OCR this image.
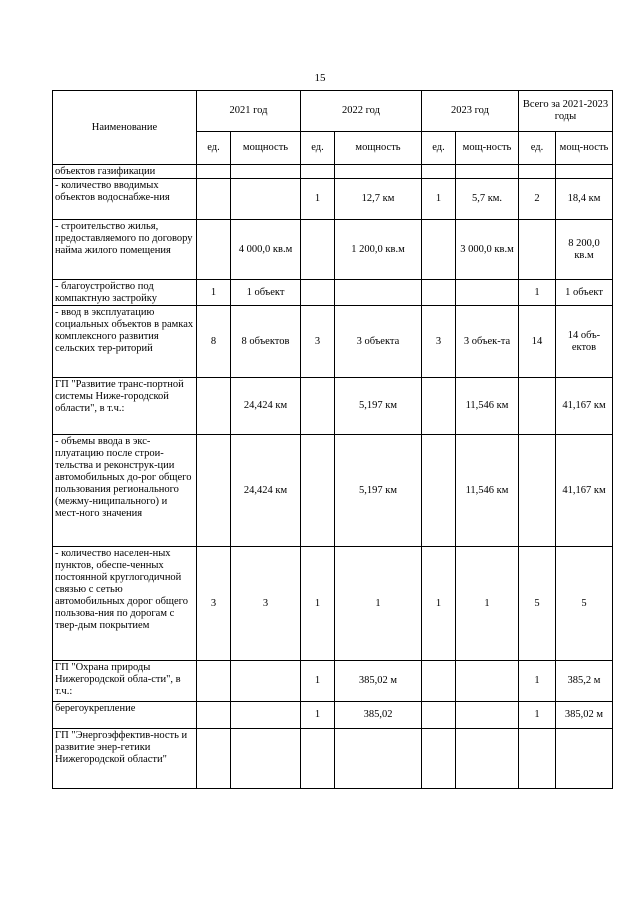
15
Наименование	2021 год		2022 год		2023 год		Всего за 2021-2023 годы	
	ед.	мощность	ед.	мощность	ед.	мощ-ность	ед.	мощ-ность
объектов газификации								
- количество вводимых объектов водоснабже-ния			1	12,7 км	1	5,7 км.	2	18,4 км
- строительство жилья, предоставляемого по договору найма жилого помещения		4 000,0 кв.м		1 200,0 кв.м		3 000,0 кв.м		8 200,0 кв.м
- благоустройство под компактную застройку	1	1 объект					1	1 объект
- ввод в эксплуатацию социальных объектов в рамках комплексного развития сельских тер-риторий	8	8 объектов	3	3 объекта	3	3 объек-та	14	14 объ-ектов
ГП "Развитие транс-портной системы Ниже-городской области", в т.ч.:		24,424 км		5,197 км		11,546 км		41,167 км
- объемы ввода в экс-плуатацию после строи-тельства и реконструк-ции автомобильных до-рог общего пользования регионального (межму-ниципального) и мест-ного значения		24,424 км		5,197 км		11,546 км		41,167 км
- количество населен-ных пунктов, обеспе-ченных постоянной круглогодичной связью с сетью автомобильных дорог общего пользова-ния по дорогам с твер-дым покрытием	3	3	1	1	1	1	5	5
ГП "Охрана природы Нижегородской обла-сти", в т.ч.:			1	385,02 м			1	385,2 м
берегоукрепление			1	385,02			1	385,02 м
ГП "Энергоэффектив-ность и развитие энер-гетики Нижегородской области"								
